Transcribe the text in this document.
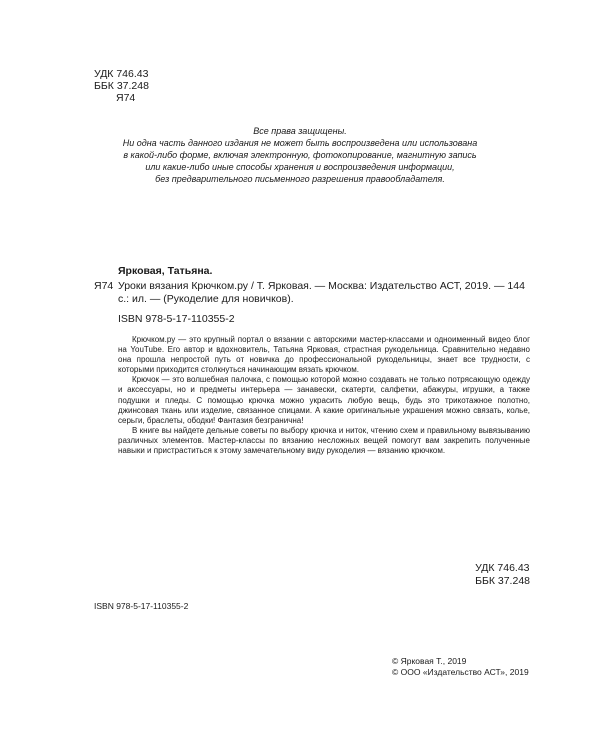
УДК 746.43
ББК 37.248
Я74
Все права защищены.
Ни одна часть данного издания не может быть воспроизведена или использована
в какой-либо форме, включая электронную, фотокопирование, магнитную запись
или какие-либо иные способы хранения и воспроизведения информации,
без предварительного письменного разрешения правообладателя.
Ярковая, Татьяна.
Я74 Уроки вязания Крючком.ру / Т. Ярковая. — Москва: Издательство АСТ, 2019. — 144 с.: ил. — (Рукоделие для новичков).
ISBN 978-5-17-110355-2

Крючком.ру — это крупный портал о вязании с авторскими мастер-классами и одноименный видео блог на YouTube. Его автор и вдохновитель, Татьяна Ярковая, страстная рукодельница. Сравнительно недавно она прошла непростой путь от новичка до профессиональной рукодельницы, знает все трудности, с которыми приходится столкнуться начинающим вязать крючком.

Крючок — это волшебная палочка, с помощью которой можно создавать не только потрясающую одежду и аксессуары, но и предметы интерьера — занавески, скатерти, салфетки, абажуры, игрушки, а также подушки и пледы. С помощью крючка можно украсить любую вещь, будь это трикотажное полотно, джинсовая ткань или изделие, связанное спицами. А какие оригинальные украшения можно связать, колье, серьги, браслеты, ободки! Фантазия безгранична!

В книге вы найдете дельные советы по выбору крючка и ниток, чтению схем и правильному вывязыванию различных элементов. Мастер-классы по вязанию несложных вещей помогут вам закрепить полученные навыки и пристраститься к этому замечательному виду рукоделия — вязанию крючком.

УДК 746.43
ББК 37.248
ISBN 978-5-17-110355-2
© Ярковая Т., 2019
© ООО «Издательство АСТ», 2019
